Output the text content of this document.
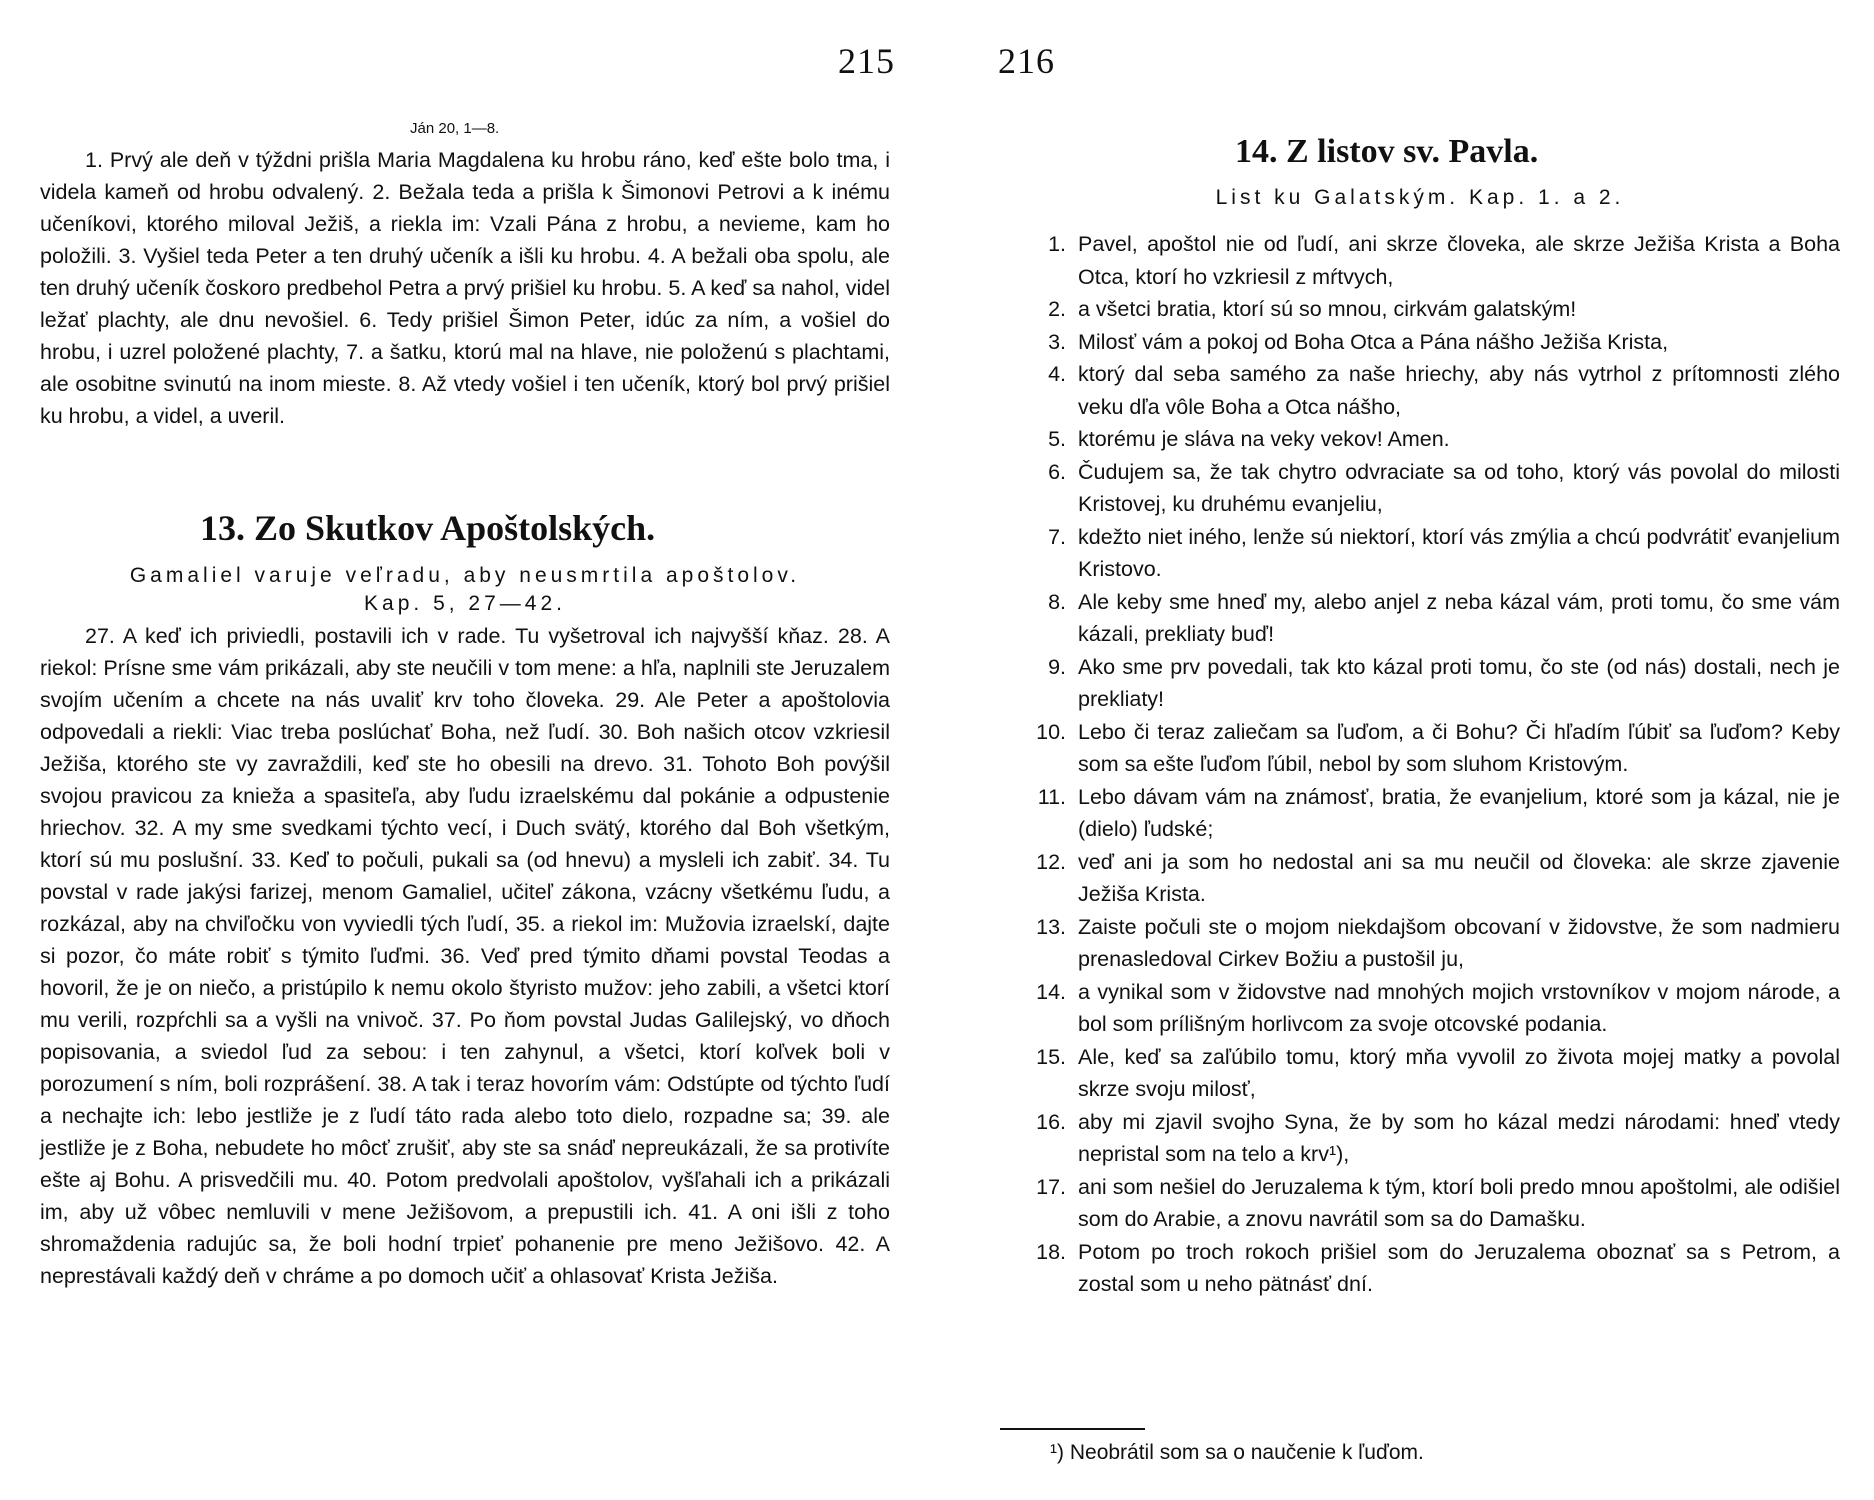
215	216
Ján 20, 1—8.

1. Prvý ale deň v týždni prišla Maria Magdalena ku hrobu ráno, keď ešte bolo tma, i videla kameň od hrobu odvalený. 2. Bežala teda a prišla k Šimonovi Petrovi a k inému učeníkovi, ktorého miloval Ježiš, a riekla im: Vzali Pána z hrobu, a nevieme, kam ho položili. 3. Vyšiel teda Peter a ten druhý učeník a išli ku hrobu. 4. A bežali oba spolu, ale ten druhý učeník čoskoro predbehol Petra a prvý prišiel ku hrobu. 5. A keď sa nahol, videl ležať plachty, ale dnu nevošiel. 6. Tedy prišiel Šimon Peter, idúc za ním, a vošiel do hrobu, i uzrel položené plachty, 7. a šatku, ktorú mal na hlave, nie položenú s plachtami, ale osobitne svinutú na inom mieste. 8. Až vtedy vošiel i ten učeník, ktorý bol prvý prišiel ku hrobu, a videl, a uveril.

13. Zo Skutkov Apoštolských.
Gamaliel varuje veľradu, aby neusmrtila apoštolov.
Kap. 5, 27—42.

27. A keď ich priviedli, postavili ich v rade. Tu vyšetroval ich najvyšší kňaz. 28. A riekol: Prísne sme vám prikázali, aby ste neučili v tom mene: a hľa, naplnili ste Jeruzalem svojím učením a chcete na nás uvaliť krv toho človeka. 29. Ale Peter a apoštolovia odpovedali a riekli: Viac treba poslúchať Boha, než ľudí. 30. Boh našich otcov vzkriesil Ježiša, ktorého ste vy zavraždili, keď ste ho obesili na drevo. 31. Tohoto Boh povýšil svojou pravicou za knieža a spasiteľa, aby ľudu izraelskému dal pokánie a odpustenie hriechov. 32. A my sme svedkami týchto vecí, i Duch svätý, ktorého dal Boh všetkým, ktorí sú mu poslušní. 33. Keď to počuli, pukali sa (od hnevu) a mysleli ich zabiť. 34. Tu povstal v rade jakýsi farizej, menom Gamaliel, učiteľ zákona, vzácny všetkému ľudu, a rozkázal, aby na chviľočku von vyviedli tých ľudí, 35. a riekol im: Mužovia izraelskí, dajte si pozor, čo máte robiť s týmito ľuďmi. 36. Veď pred týmito dňami povstal Teodas a hovoril, že je on niečo, a pristúpilo k nemu okolo štyristo mužov: jeho zabili, a všetci ktorí mu verili, rozpŕchli sa a vyšli na vnivoč. 37. Po ňom povstal Judas Galilejský, vo dňoch popisovania, a sviedol ľud za sebou: i ten zahynul, a všetci, ktorí koľvek boli v porozumení s ním, boli rozprášení. 38. A tak i teraz hovorím vám: Odstúpte od týchto ľudí a nechajte ich: lebo jestliže je z ľudí táto rada alebo toto dielo, rozpadne sa; 39. ale jestliže je z Boha, nebudete ho môcť zrušiť, aby ste sa snáď nepreukázali, že sa protivíte ešte aj Bohu. A prisvedčili mu. 40. Potom predvolali apoštolov, vyšľahali ich a prikázali im, aby už vôbec nemluvili v mene Ježišovom, a prepustili ich. 41. A oni išli z toho shromaždenia radujúc sa, že boli hodní trpieť pohanenie pre meno Ježišovo. 42. A neprestávali každý deň v chráme a po domoch učiť a ohlasovať Krista Ježiša.

14. Z listov sv. Pavla.
List ku Galatským. Kap. 1. a 2.
1. Pavel, apoštol nie od ľudí, ani skrze človeka, ale skrze Ježiša Krista a Boha Otca, ktorí ho vzkriesil z mŕtvych,
2. a všetci bratia, ktorí sú so mnou, cirkvám galatským!
3. Milosť vám a pokoj od Boha Otca a Pána nášho Ježiša Krista,
4. ktorý dal seba samého za naše hriechy, aby nás vytrhol z prítomnosti zlého veku dľa vôle Boha a Otca nášho,
5. ktorému je sláva na veky vekov! Amen.
6. Čudujem sa, že tak chytro odvraciate sa od toho, ktorý vás povolal do milosti Kristovej, ku druhému evanjeliu,
7. kdežto niet iného, lenže sú niektorí, ktorí vás zmýlia a chcú podvrátiť evanjelium Kristovo.
8. Ale keby sme hneď my, alebo anjel z neba kázal vám, proti tomu, čo sme vám kázali, prekliaty buď!
9. Ako sme prv povedali, tak kto kázal proti tomu, čo ste (od nás) dostali, nech je prekliaty!
10. Lebo či teraz zaliečam sa ľuďom, a či Bohu? Či hľadím ľúbiť sa ľuďom? Keby som sa ešte ľuďom ľúbil, nebol by som sluhom Kristovým.
11. Lebo dávam vám na známosť, bratia, že evanjelium, ktoré som ja kázal, nie je (dielo) ľudské;
12. veď ani ja som ho nedostal ani sa mu neučil od človeka: ale skrze zjavenie Ježiša Krista.
13. Zaiste počuli ste o mojom niekdajšom obcovaní v židovstve, že som nadmieru prenasledoval Cirkev Božiu a pustošil ju,
14. a vynikal som v židovstve nad mnohých mojich vrstovníkov v mojom národe, a bol som prílišným horlivcom za svoje otcovské podania.
15. Ale, keď sa zaľúbilo tomu, ktorý mňa vyvolil zo života mojej matky a povolal skrze svoju milosť,
16. aby mi zjavil svojho Syna, že by som ho kázal medzi národami: hneď vtedy nepristal som na telo a krv¹),
17. ani som nešiel do Jeruzalema k tým, ktorí boli predo mnou apoštolmi, ale odišiel som do Arabie, a znovu navrátil som sa do Damašku.
18. Potom po troch rokoch prišiel som do Jeruzalema oboznať sa s Petrom, a zostal som u neho pätnásť dní.
¹) Neobrátil som sa o naučenie k ľuďom.
